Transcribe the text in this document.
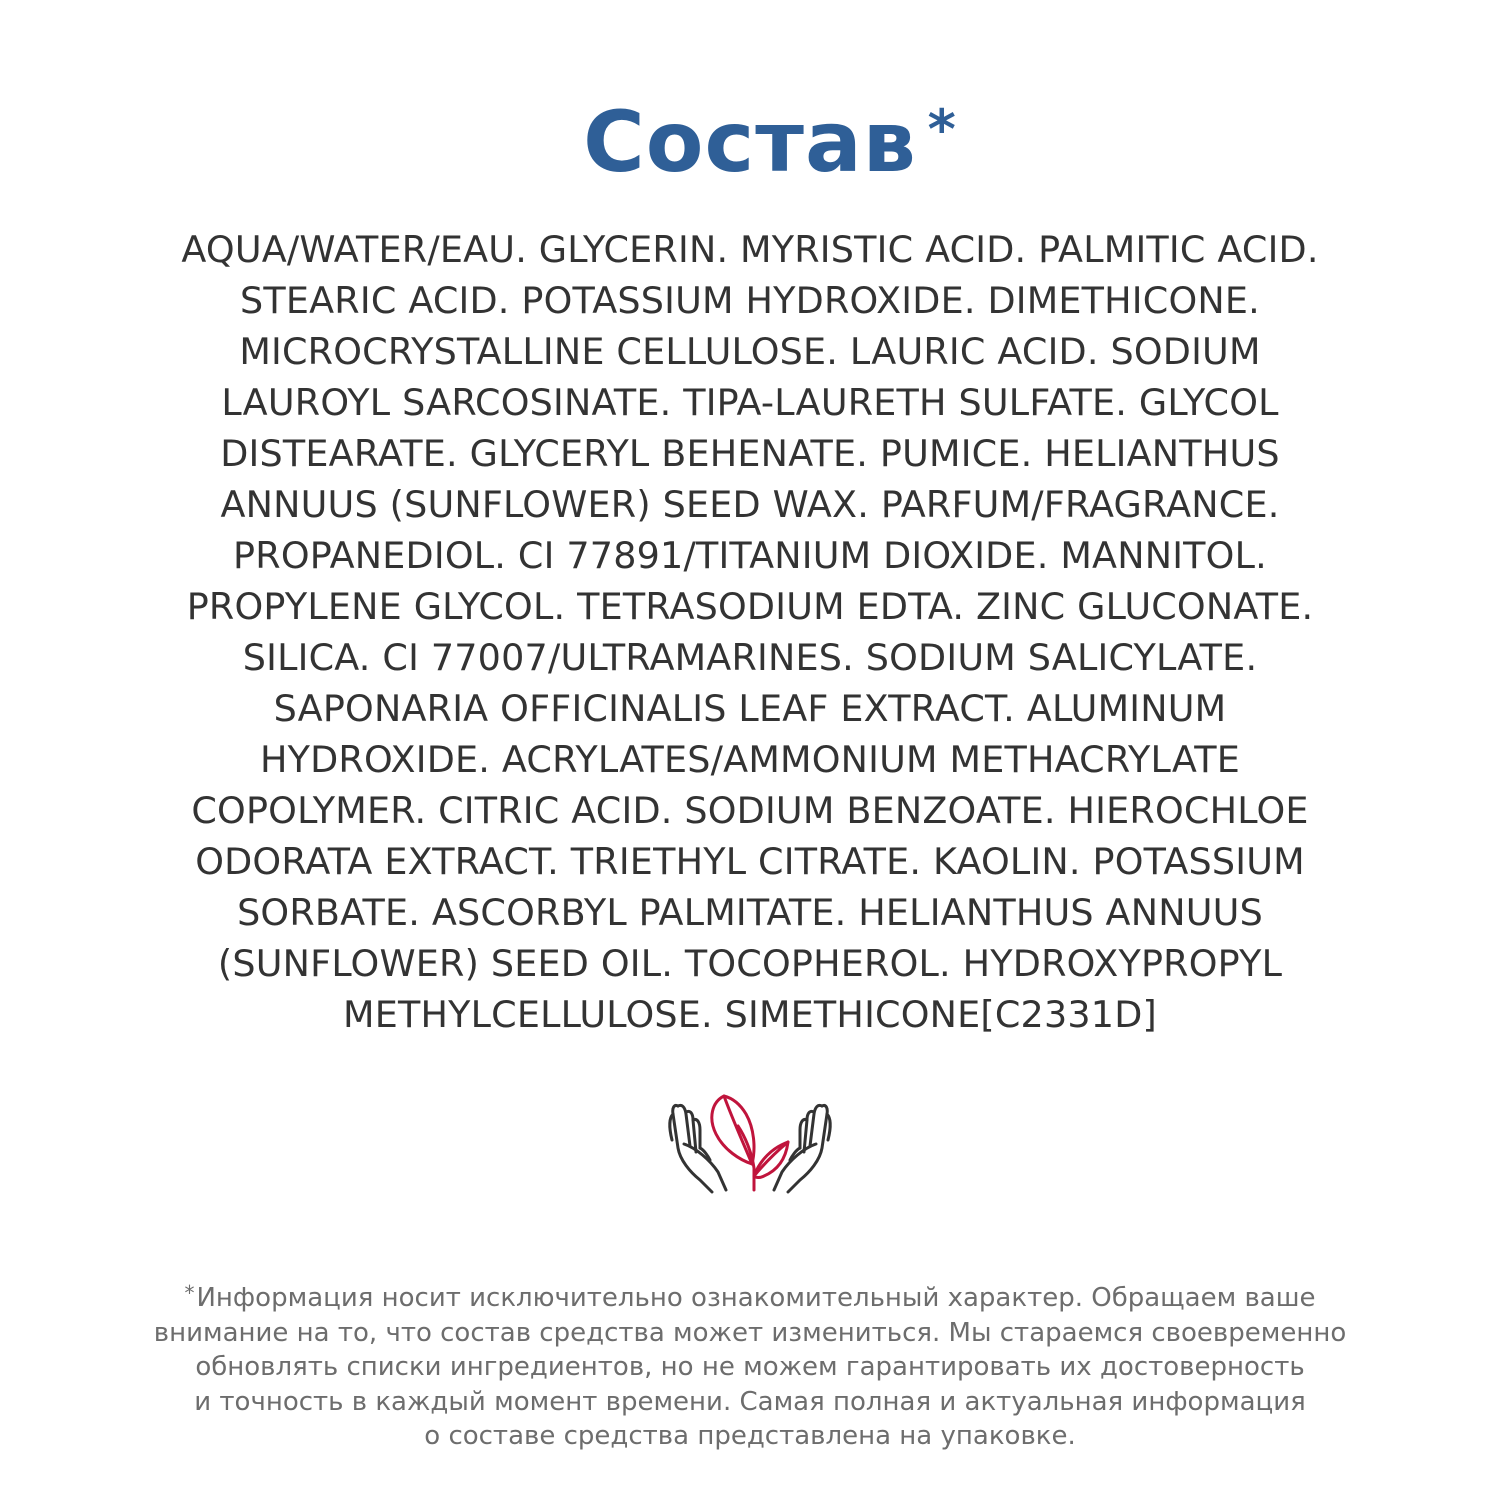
Состав *
AQUA/WATER/EAU. GLYCERIN. MYRISTIC ACID. PALMITIC ACID.
STEARIC ACID. POTASSIUM HYDROXIDE. DIMETHICONE.
MICROCRYSTALLINE CELLULOSE. LAURIC ACID. SODIUM
LAUROYL SARCOSINATE. TIPA-LAURETH SULFATE. GLYCOL
DISTEARATE. GLYCERYL BEHENATE. PUMICE. HELIANTHUS
ANNUUS (SUNFLOWER) SEED WAX. PARFUM/FRAGRANCE.
PROPANEDIOL. CI 77891/TITANIUM DIOXIDE. MANNITOL.
PROPYLENE GLYCOL. TETRASODIUM EDTA. ZINC GLUCONATE.
SILICA. CI 77007/ULTRAMARINES. SODIUM SALICYLATE.
SAPONARIA OFFICINALIS LEAF EXTRACT. ALUMINUM
HYDROXIDE. ACRYLATES/AMMONIUM METHACRYLATE
COPOLYMER. CITRIC ACID. SODIUM BENZOATE. HIEROCHLOE
ODORATA EXTRACT. TRIETHYL CITRATE. KAOLIN. POTASSIUM
SORBATE. ASCORBYL PALMITATE. HELIANTHUS ANNUUS
(SUNFLOWER) SEED OIL. TOCOPHEROL. HYDROXYPROPYL
METHYLCELLULOSE. SIMETHICONE[C2331D]
*Информация носит исключительно ознакомительный характер. Обращаем ваше
внимание на то, что состав средства может измениться. Мы стараемся своевременно
обновлять списки ингредиентов, но не можем гарантировать их достоверность
и точность в каждый момент времени. Самая полная и актуальная информация
о составе средства представлена на упаковке.
